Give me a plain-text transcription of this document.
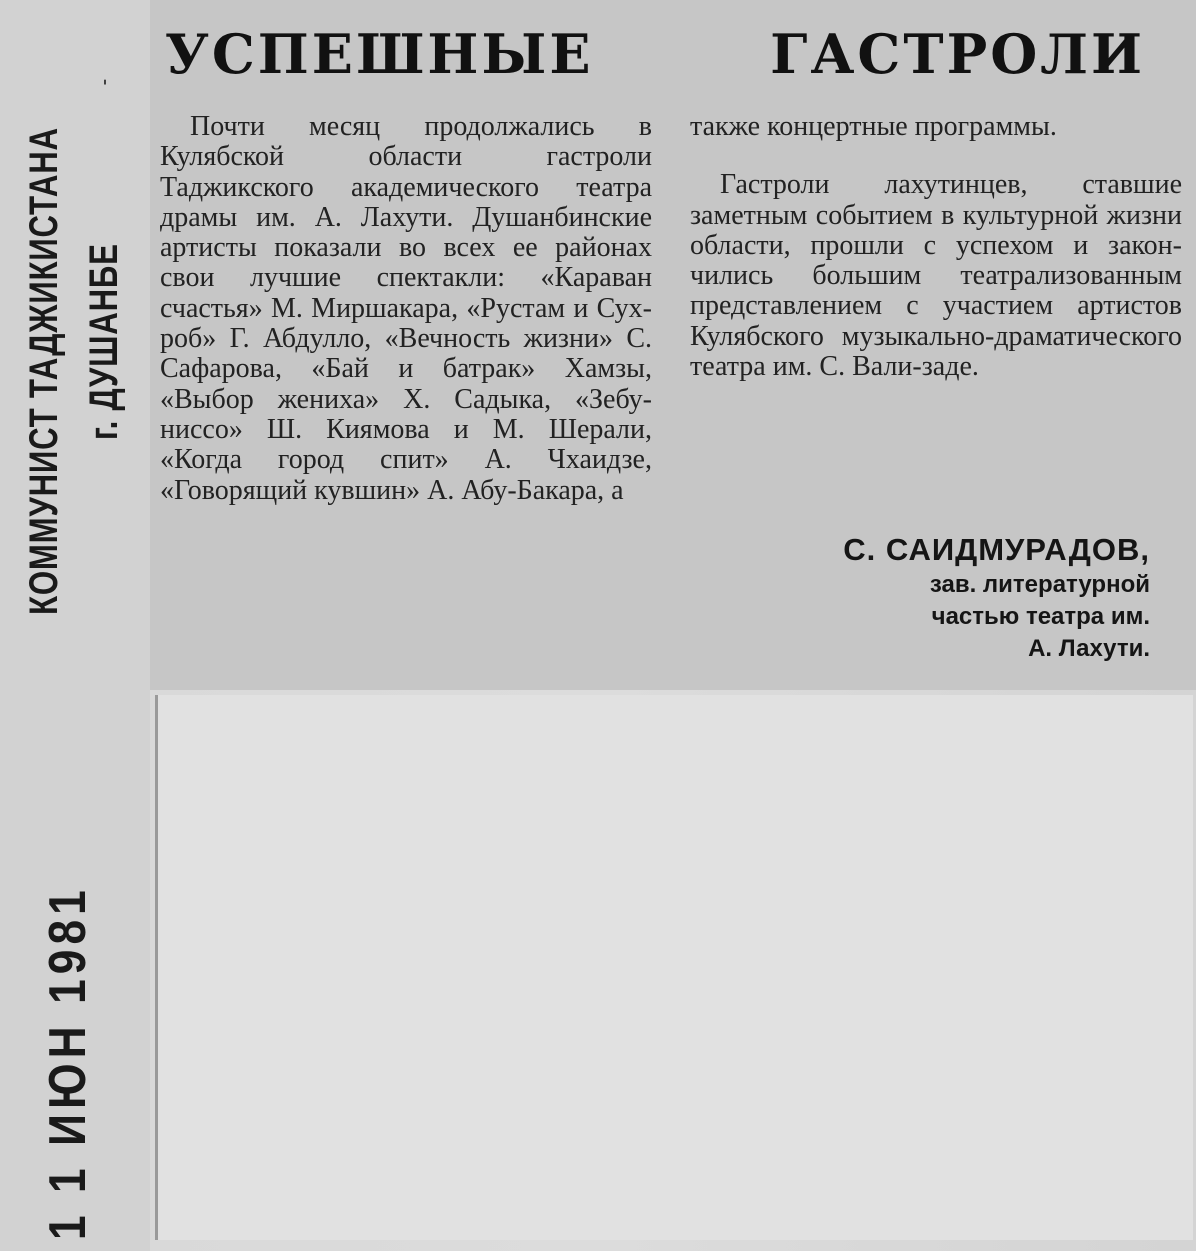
КОММУНИСТ ТАДЖИКИСТАНА г. ДУШАНБЕ
1 1 ИЮН 1981
ˈ
УСПЕШНЫЕ	ГАСТРОЛИ

Почти месяц продолжались в Кулябской области гастроли Таджикского академического театра драмы им. А. Лахути. Душанбинские артисты показали во всех ее районах свои лучшие спектакли: «Караван счастья» М. Миршакара, «Рустам и Сухроб» Г. Абдулло, «Вечность жизни» С. Сафарова, «Бай и батрак» Хамзы, «Выбор жениха» Х. Садыка, «Зебуниссо» Ш. Киямова и М. Шерали, «Когда город спит» А. Чхаидзе, «Говорящий кувшин» А. Абу-Бакара, а

также концертные программы.

Гастроли лахутинцев, ставшие заметным событием в культурной жизни области, прошли с успехом и закончились большим театрализованным представлением с участием артистов Кулябского музыкально-драматического театра им. С. Вали-заде.

С. САИДМУРАДОВ,
зав. литературной
частью театра им.
А. Лахути.
